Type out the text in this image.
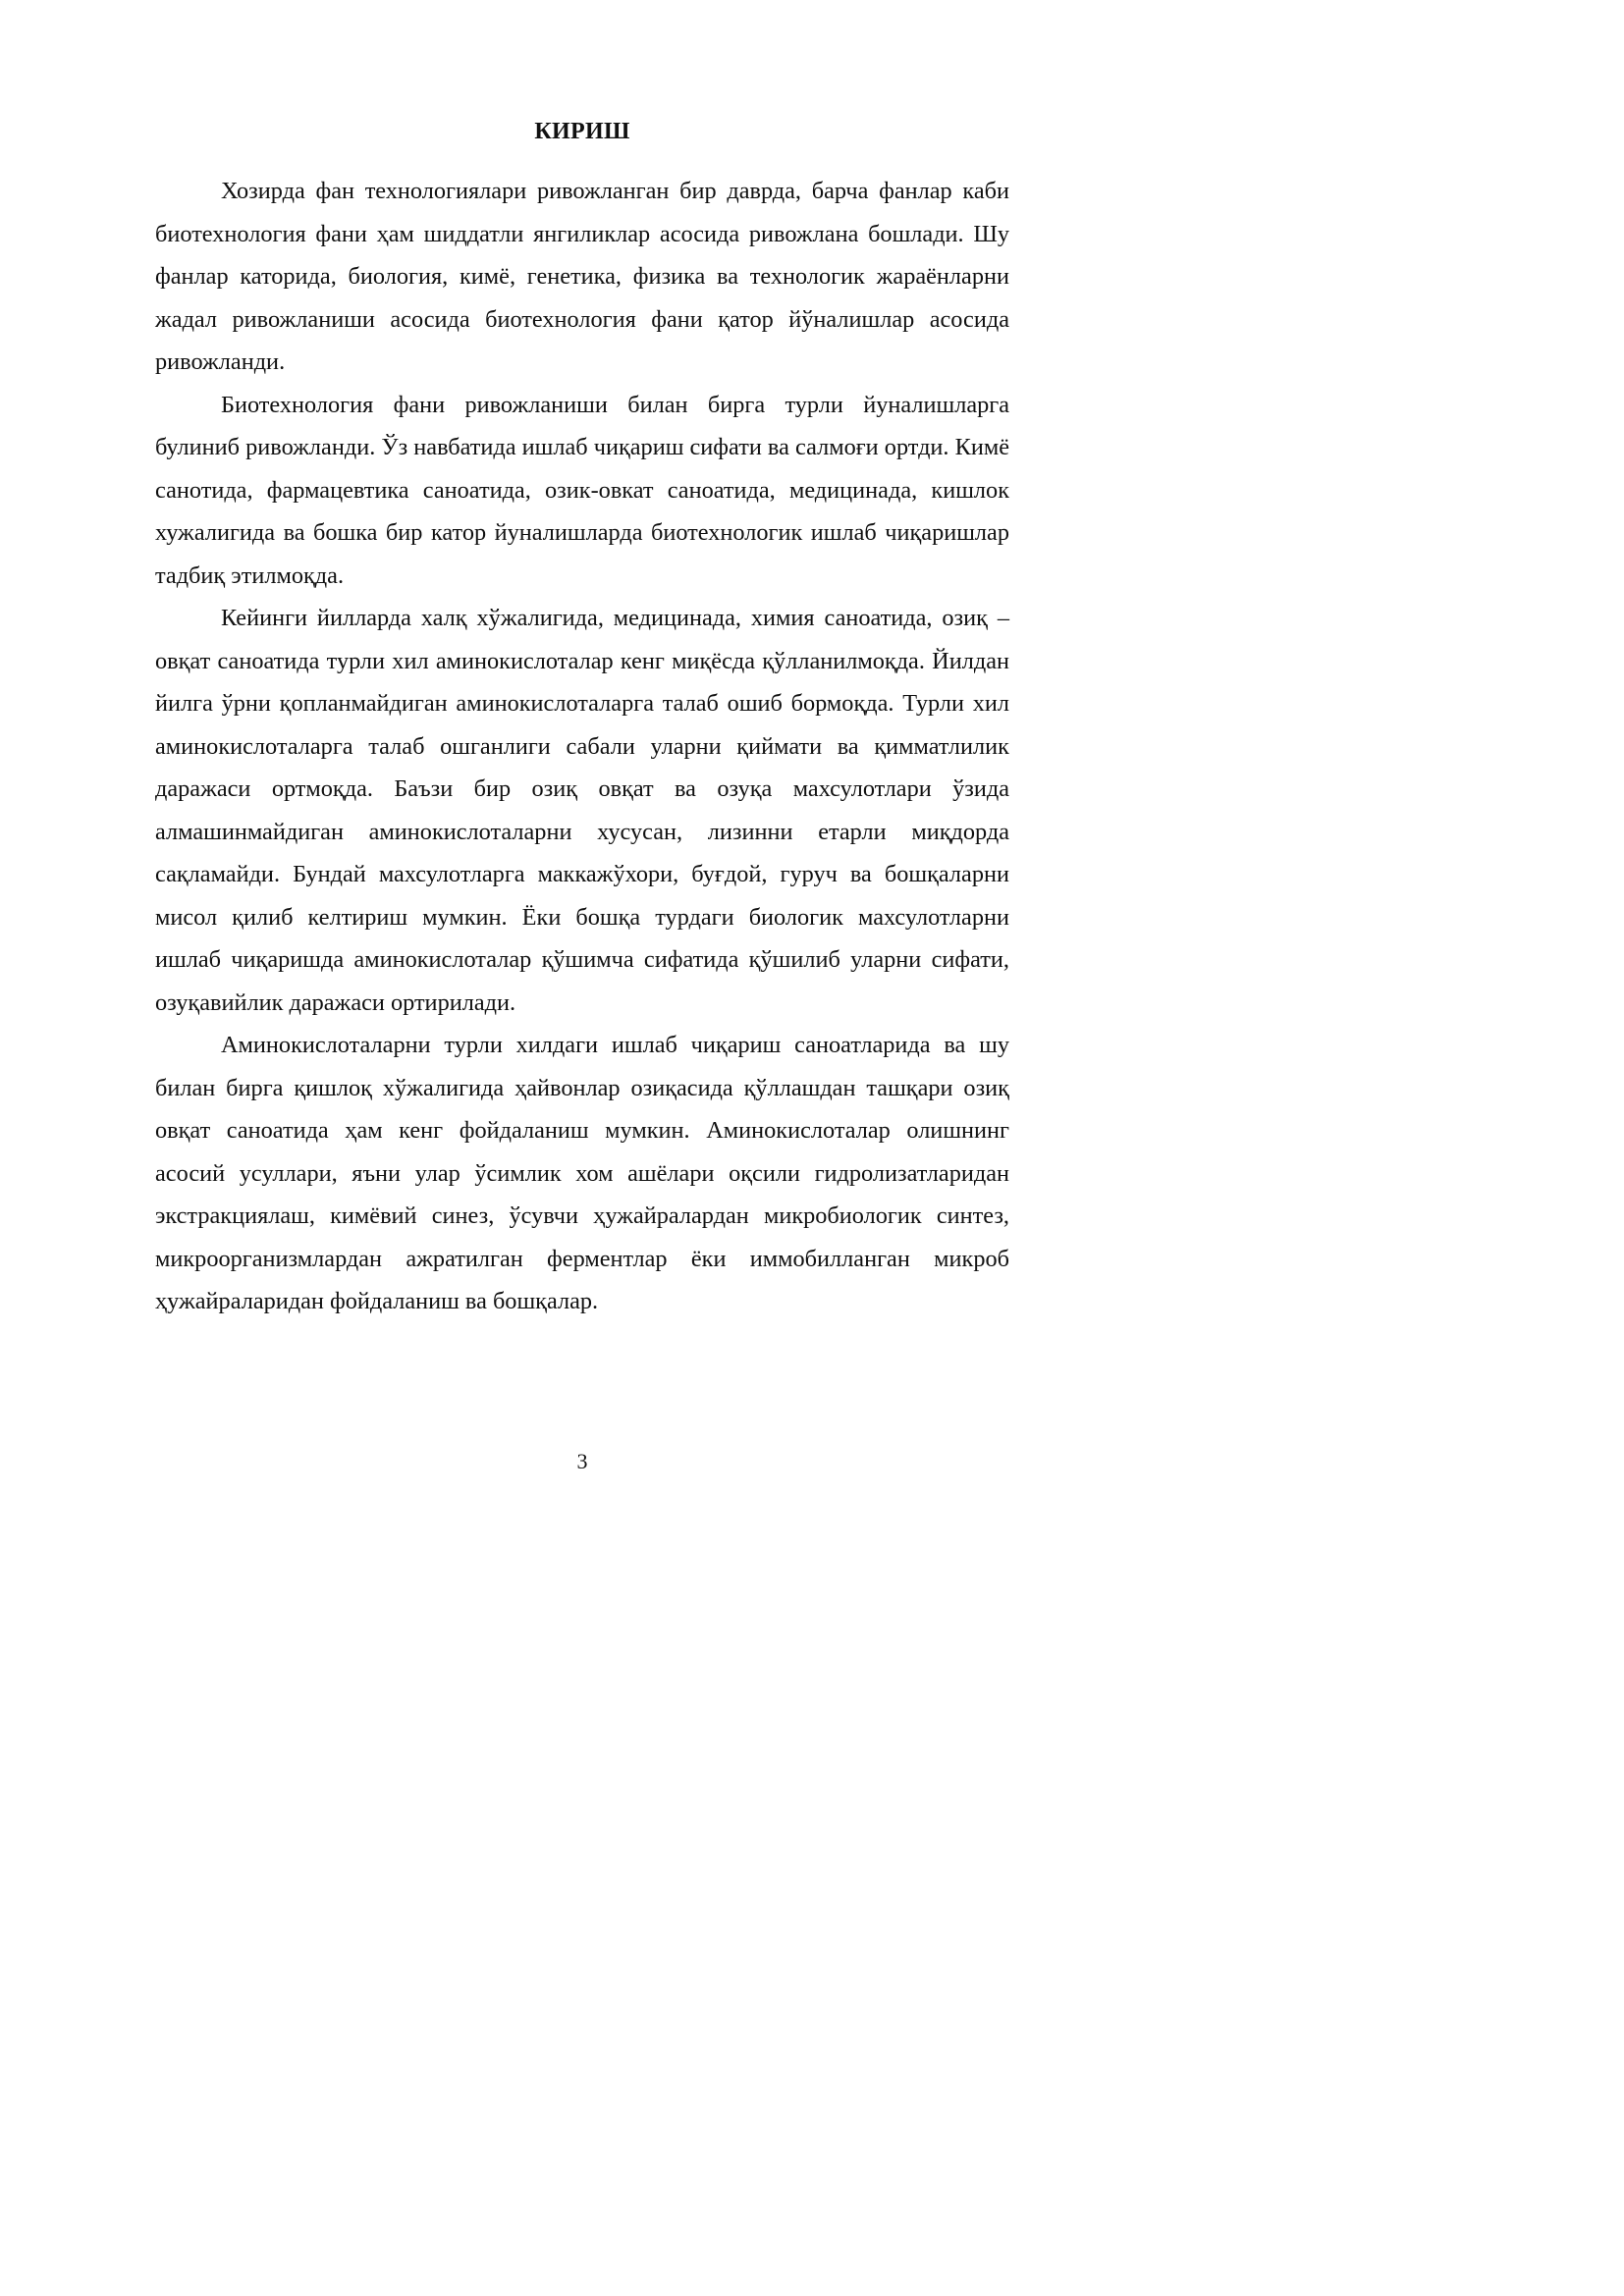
КИРИШ

Хозирда фан технологиялари ривожланган бир даврда, барча фанлар каби биотехнология фани ҳам шиддатли янгиликлар асосида ривожлана бошлади. Шу фанлар каторида, биология, кимё, генетика, физика ва технологик жараёнларни жадал ривожланиши асосида биотехнология фани қатор йўналишлар асосида ривожланди.

Биотехнология фани ривожланиши билан бирга турли йуналишларга булиниб ривожланди. Ўз навбатида ишлаб чиқариш сифати ва салмоғи ортди. Кимё санотида, фармацевтика саноатида, озик-овкат саноатида, медицинада, кишлок хужалигида ва бошка бир катор йуналишларда биотехнологик ишлаб чиқаришлар тадбиқ этилмоқда.

Кейинги йилларда халқ хўжалигида, медицинада, химия саноатида, озиқ – овқат саноатида турли хил аминокислоталар кенг миқёсда қўлланилмоқда. Йилдан йилга ўрни қопланмайдиган аминокислоталарга талаб ошиб бормоқда. Турли хил аминокислоталарга талаб ошганлиги сабали уларни қиймати ва қимматлилик даражаси ортмоқда. Баъзи бир озиқ овқат ва озуқа махсулотлари ўзида алмашинмайдиган аминокислоталарни хусусан, лизинни етарли миқдорда сақламайди. Бундай махсулотларга маккажўхори, буғдой, гуруч ва бошқаларни мисол қилиб келтириш мумкин. Ёки бошқа турдаги биологик махсулотларни ишлаб чиқаришда аминокислоталар қўшимча сифатида қўшилиб уларни сифати, озуқавийлик даражаси ортирилади.

Аминокислоталарни турли хилдаги ишлаб чиқариш саноатларида ва шу билан бирга қишлоқ хўжалигида ҳайвонлар озиқасида қўллашдан ташқари озиқ овқат саноатида ҳам кенг фойдаланиш мумкин. Аминокислоталар олишнинг асосий усуллари, яъни улар ўсимлик хом ашёлари оқсили гидролизатларидан экстракциялаш, кимёвий синез, ўсувчи ҳужайралардан микробиологик синтез, микроорганизмлардан ажратилган ферментлар ёки иммобилланган микроб ҳужайраларидан фойдаланиш ва бошқалар.

3
